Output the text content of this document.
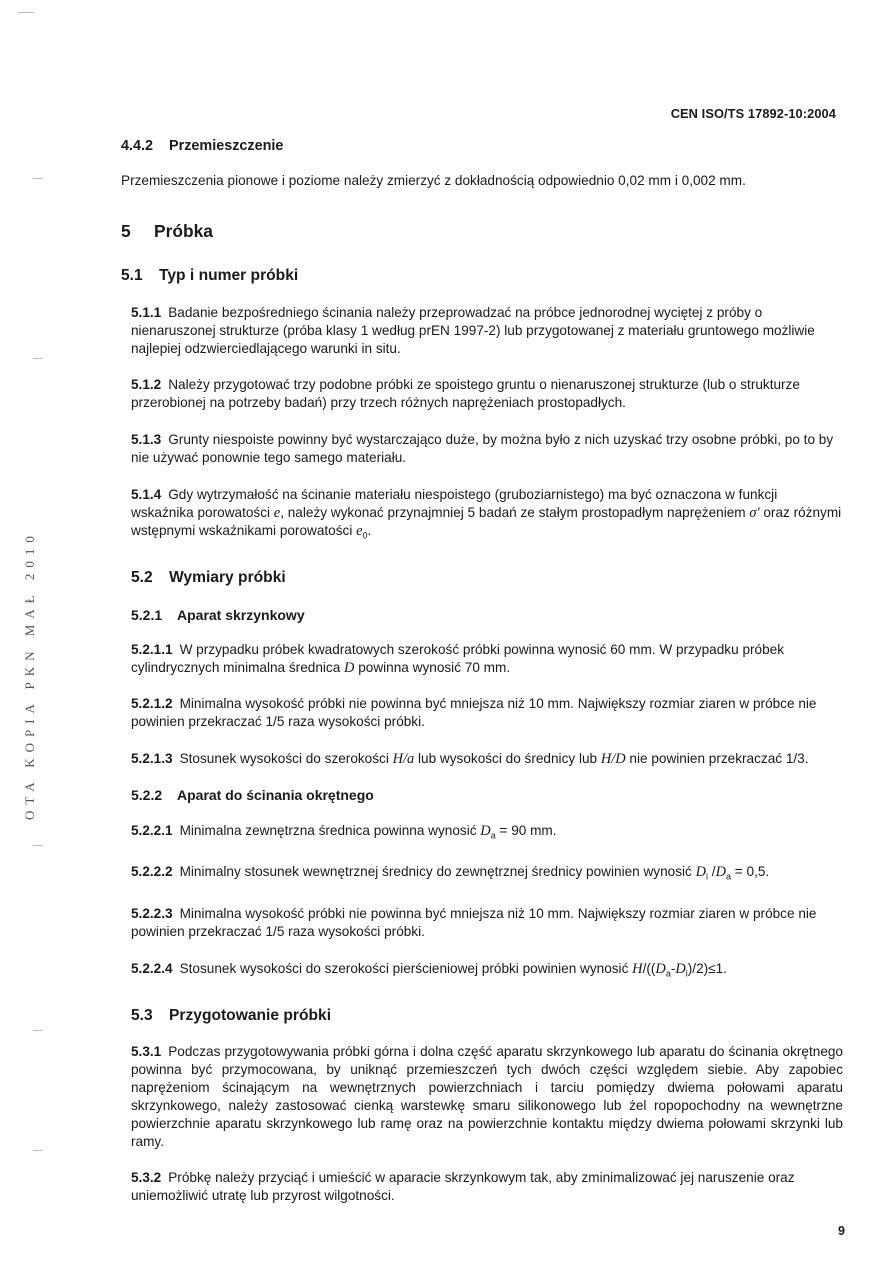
OTA KOPIA PKN MAŁ 2010
CEN ISO/TS 17892-10:2004
4.4.2 Przemieszczenie

Przemieszczenia pionowe i poziome należy zmierzyć z dokładnością odpowiednio 0,02 mm i 0,002 mm.

5 Próbka
5.1 Typ i numer próbki

5.1.1 Badanie bezpośredniego ścinania należy przeprowadzać na próbce jednorodnej wyciętej z próby o nienaruszonej strukturze (próba klasy 1 według prEN 1997-2) lub przygotowanej z materiału gruntowego możliwie najlepiej odzwierciedlającego warunki in situ.

5.1.2 Należy przygotować trzy podobne próbki ze spoistego gruntu o nienaruszonej strukturze (lub o strukturze przerobionej na potrzeby badań) przy trzech różnych naprężeniach prostopadłych.

5.1.3 Grunty niespoiste powinny być wystarczająco duże, by można było z nich uzyskać trzy osobne próbki, po to by nie używać ponownie tego samego materiału.

5.1.4 Gdy wytrzymałość na ścinanie materiału niespoistego (gruboziarnistego) ma być oznaczona w funkcji wskaźnika porowatości e, należy wykonać przynajmniej 5 badań ze stałym prostopadłym naprężeniem σ' oraz różnymi wstępnymi wskaźnikami porowatości $e_0$.

5.2 Wymiary próbki
5.2.1 Aparat skrzynkowy

5.2.1.1 W przypadku próbek kwadratowych szerokość próbki powinna wynosić 60 mm. W przypadku próbek cylindrycznych minimalna średnica D powinna wynosić 70 mm.

5.2.1.2 Minimalna wysokość próbki nie powinna być mniejsza niż 10 mm. Największy rozmiar ziaren w próbce nie powinien przekraczać 1/5 raza wysokości próbki.

5.2.1.3 Stosunek wysokości do szerokości H/a lub wysokości do średnicy lub H/D nie powinien przekraczać 1/3.

5.2.2 Aparat do ścinania okrętnego

5.2.2.1 Minimalna zewnętrzna średnica powinna wynosić $D_a = 90$ mm.

5.2.2.2 Minimalny stosunek wewnętrznej średnicy do zewnętrznej średnicy powinien wynosić $D_i$ $/D_a = 0,5$.

5.2.2.3 Minimalna wysokość próbki nie powinna być mniejsza niż 10 mm. Największy rozmiar ziaren w próbce nie powinien przekraczać 1/5 raza wysokości próbki.

5.2.2.4 Stosunek wysokości do szerokości pierścieniowej próbki powinien wynosić $H/((D_a-D_i)/2)\le 1$.

5.3 Przygotowanie próbki

5.3.1 Podczas przygotowywania próbki górna i dolna część aparatu skrzynkowego lub aparatu do ścinania okrętnego powinna być przymocowana, by uniknąć przemieszczeń tych dwóch części względem siebie. Aby zapobiec naprężeniom ścinającym na wewnętrznych powierzchniach i tarciu pomiędzy dwiema połowami aparatu skrzynkowego, należy zastosować cienką warstewkę smaru silikonowego lub żel ropopochodny na wewnętrzne powierzchnie aparatu skrzynkowego lub ramę oraz na powierzchnie kontaktu między dwiema połowami skrzynki lub ramy.

5.3.2 Próbkę należy przyciąć i umieścić w aparacie skrzynkowym tak, aby zminimalizować jej naruszenie oraz uniemożliwić utratę lub przyrost wilgotności.

9
